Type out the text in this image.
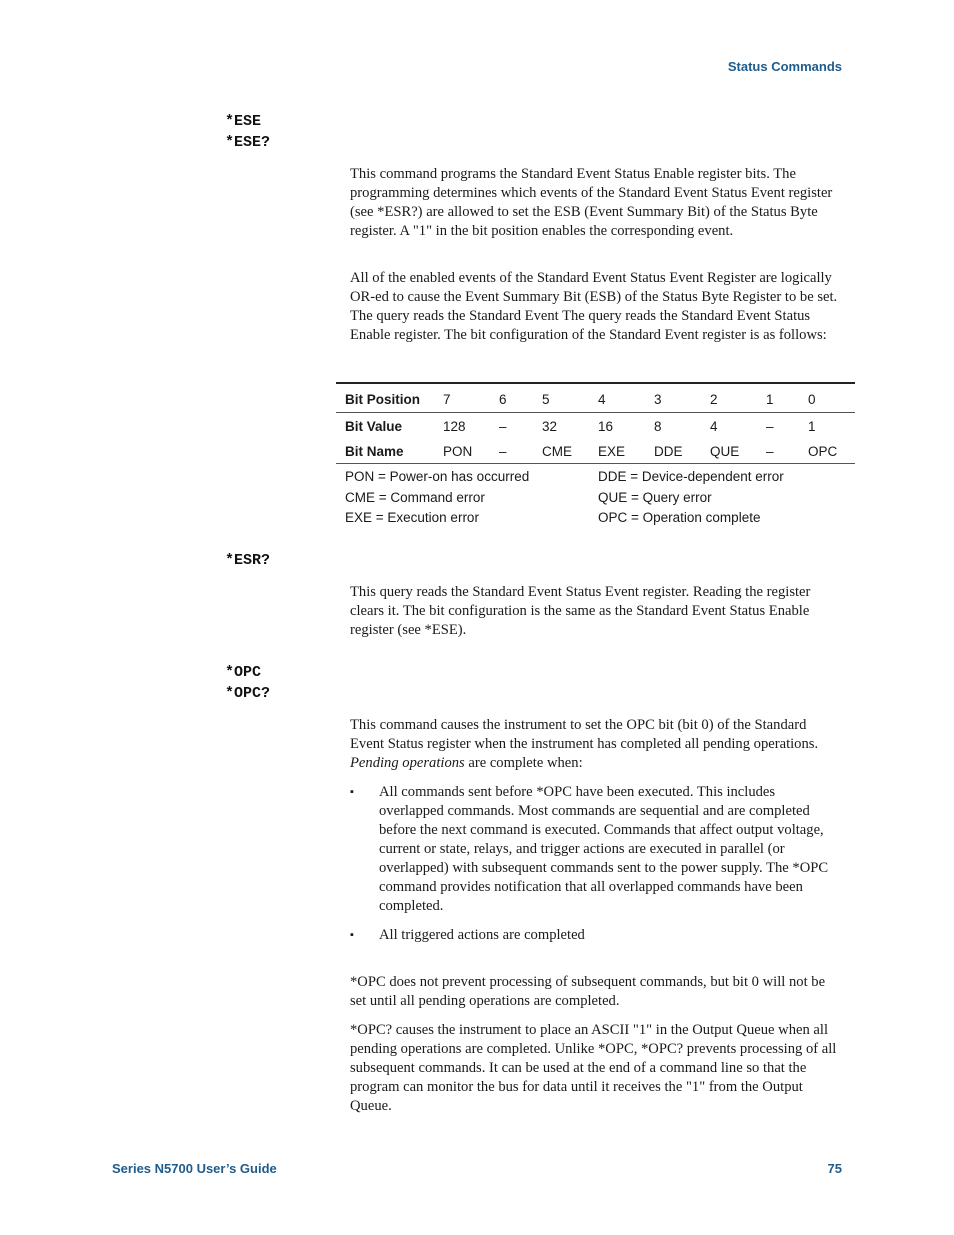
Status Commands
*ESE
*ESE?

This command programs the Standard Event Status Enable register bits. The programming determines which events of the Standard Event Status Event register (see *ESR?) are allowed to set the ESB (Event Summary Bit) of the Status Byte register. A "1" in the bit position enables the corresponding event.

All of the enabled events of the Standard Event Status Event Register are logically OR-ed to cause the Event Summary Bit (ESB) of the Status Byte Register to be set. The query reads the Standard Event The query reads the Standard Event Status Enable register. The bit configuration of the Standard Event register is as follows:

Bit Position 7	6	5	4	3	2	1	0
Bit Value	128 –	32	16	8	4	–	1
Bit Name	PON –	CME EXE DDE QUE –	OPC
PON = Power-on has occurred	DDE = Device-dependent error
CME = Command error	QUE = Query error
EXE = Execution error	OPC = Operation complete
*ESR?

This query reads the Standard Event Status Event register. Reading the register clears it. The bit configuration is the same as the Standard Event Status Enable register (see *ESE).

*OPC
*OPC?

This command causes the instrument to set the OPC bit (bit 0) of the Standard Event Status register when the instrument has completed all pending operations. Pending operations are complete when:

▪ All commands sent before *OPC have been executed. This includes overlapped commands. Most commands are sequential and are completed before the next command is executed. Commands that affect output voltage, current or state, relays, and trigger actions are executed in parallel (or overlapped) with subsequent commands sent to the power supply. The *OPC command provides notification that all overlapped commands have been completed.
▪ All triggered actions are completed

*OPC does not prevent processing of subsequent commands, but bit 0 will not be set until all pending operations are completed.

*OPC? causes the instrument to place an ASCII "1" in the Output Queue when all pending operations are completed. Unlike *OPC, *OPC? prevents processing of all subsequent commands. It can be used at the end of a command line so that the program can monitor the bus for data until it receives the "1" from the Output Queue.

Series N5700 User’s Guide	75
